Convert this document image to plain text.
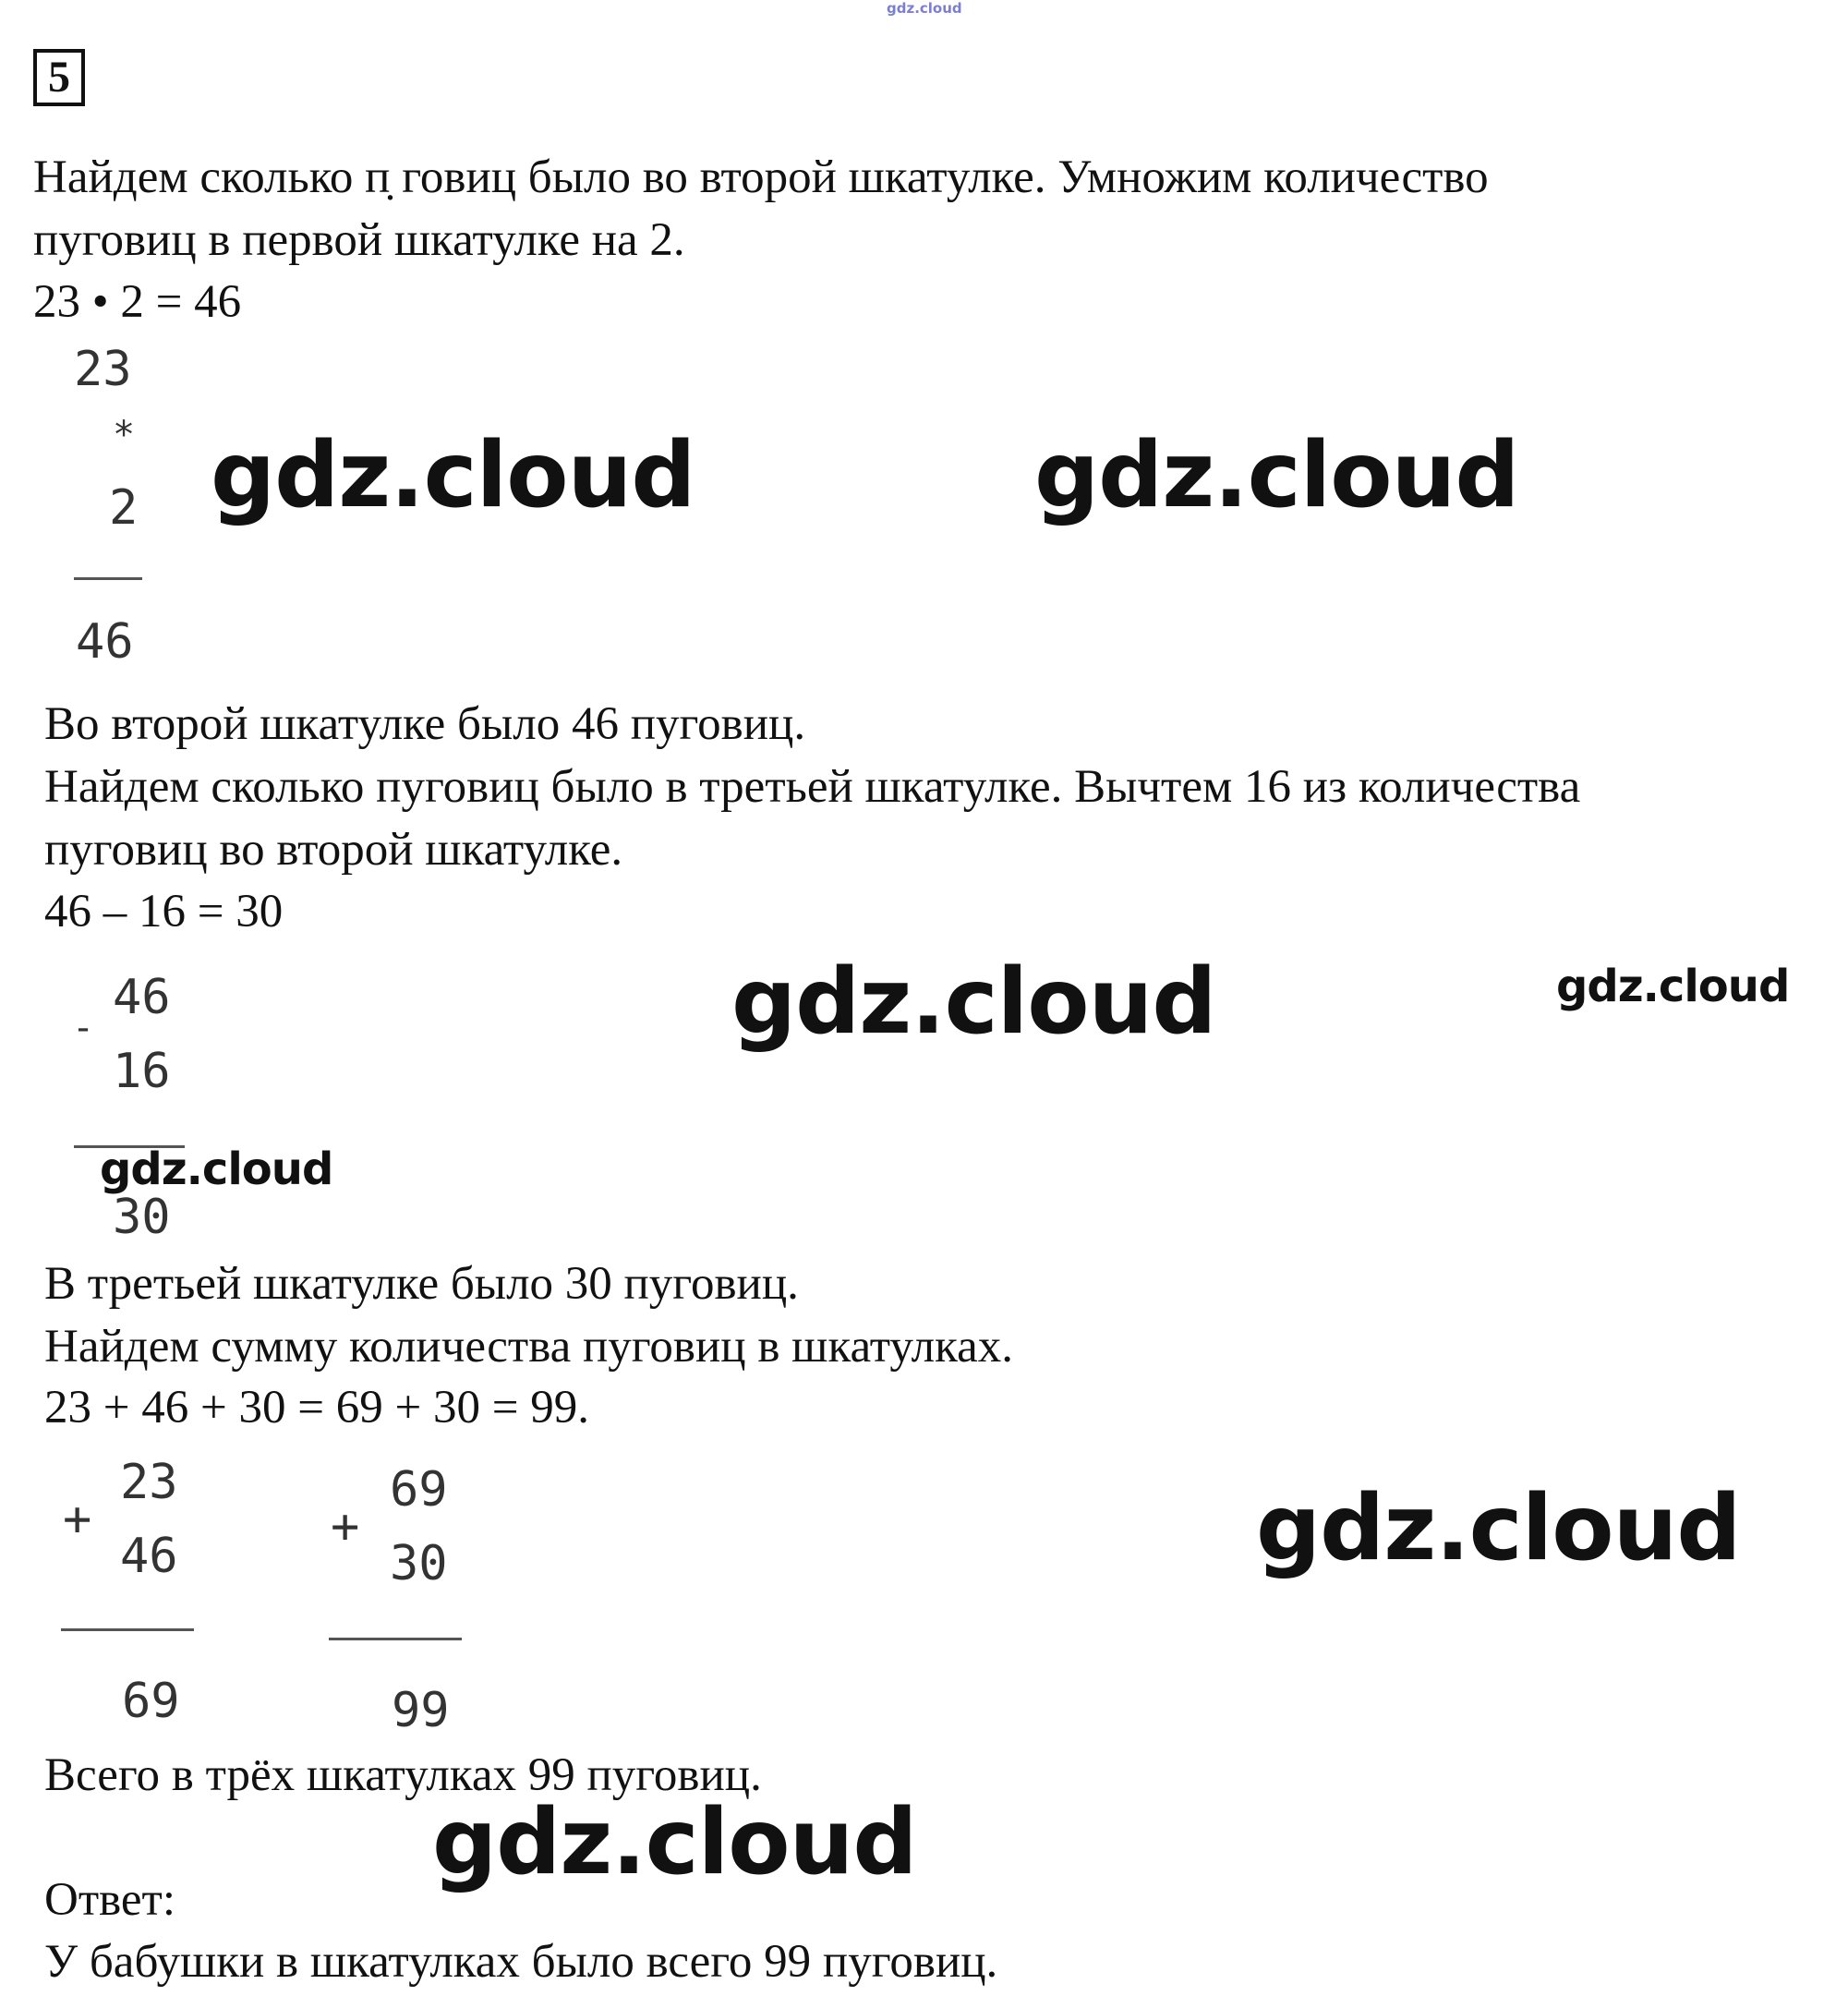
gdz.cloud
5
Найдем сколько п̣ говиц было во второй шкатулке. Умножим количество
пуговиц в первой шкатулке на 2.
23 • 2 = 46
23
*
2
46
Во второй шкатулке было 46 пуговиц.
Найдем сколько пуговиц было в третьей шкатулке. Вычтем 16 из количества
пуговиц во второй шкатулке.
46 – 16 = 30
-
46
16
30
В третьей шкатулке было 30 пуговиц.
Найдем сумму количества пуговиц в шкатулках.
23 + 46 + 30 = 69 + 30 = 99.
+
23
46
69
+
69
30
99
Всего в трёх шкатулках 99 пуговиц.
Ответ:
У бабушки в шкатулках было всего 99 пуговиц.
gdz.cloud	gdz.cloud
gdz.cloud	gdz.cloud
gdz.cloud
gdz.cloud
gdz.cloud
